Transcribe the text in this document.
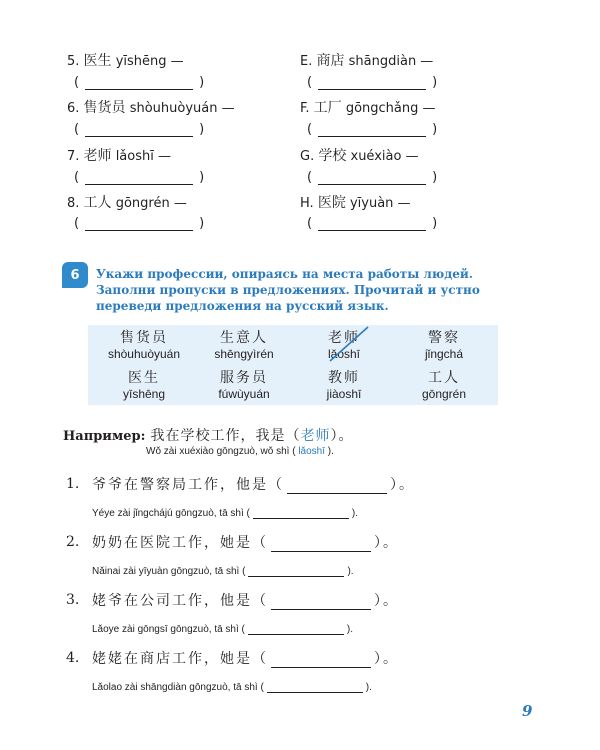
5. 医生 yīshēng —
(	)
6. 售货员 shòuhuòyuán —
(	)
7. 老师 lǎoshī —
(	)
8. 工人 gōngrén —
(	)
E. 商店 shāngdiàn —
(	)
F. 工厂 gōngchǎng —
(	)
G. 学校 xuéxiào —
(	)
H. 医院 yīyuàn —
(	)
6	Укажи профессии, опираясь на места работы людей. Заполни пропуски в предложениях. Прочитай и устно переведи предложения на русский язык.
售货员
shòuhuòyuán
生意人
shēngyìrén
老师
lǎoshī
警察
jǐngchá
医生
yīshēng
服务员
fúwùyuán
教师
jiàoshī
工人
gōngrén
Например: 我在学校工作，我是（老师）。
Wǒ zài xuéxiào gōngzuò, wǒ shì ( lǎoshī ).
1. 爷爷在警察局工作，他是（	）。
Yéye zài jǐngchájú gōngzuò, tā shì (	).
2. 奶奶在医院工作，她是（	）。
Nǎinai zài yīyuàn gōngzuò, tā shì (	).
3. 姥爷在公司工作，他是（	）。
Lǎoye zài gōngsī gōngzuò, tā shì (	).
4. 姥姥在商店工作，她是（	）。
Lǎolao zài shāngdiàn gōngzuò, tā shì (	).
9
